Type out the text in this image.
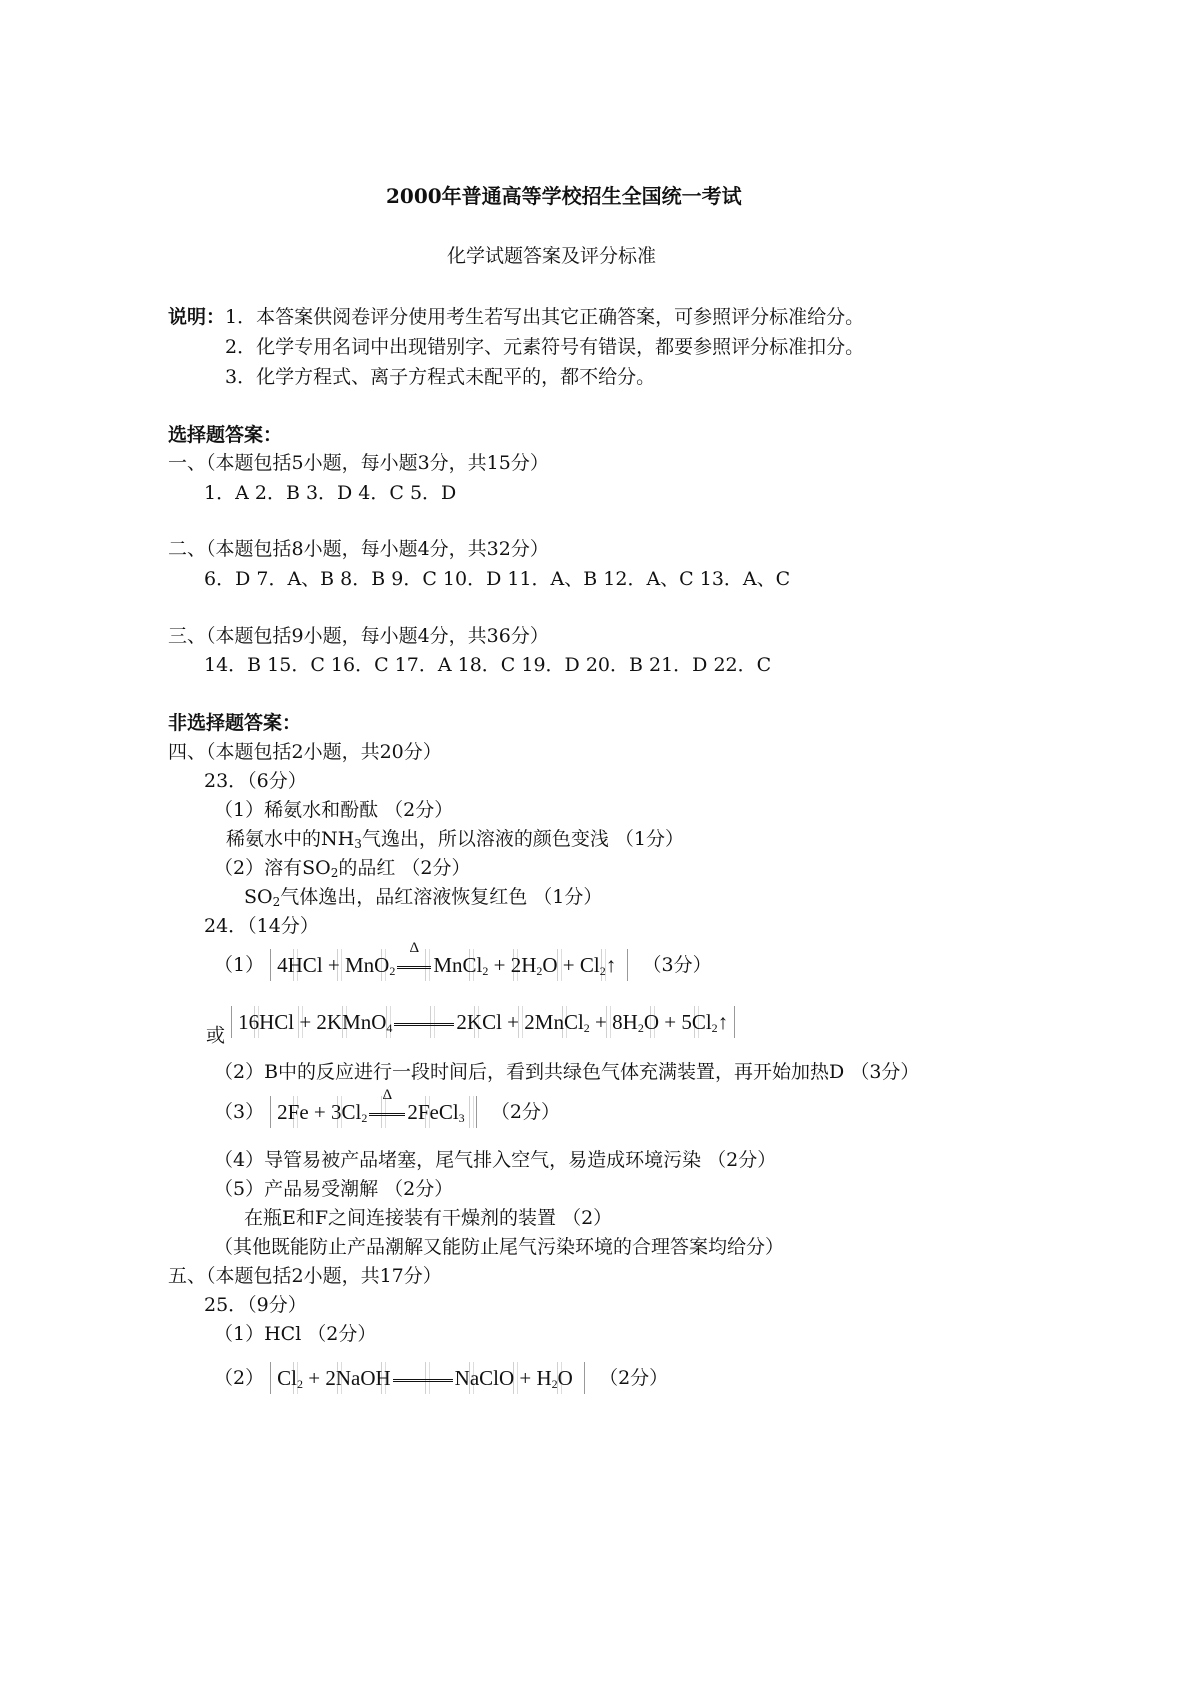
2000年普通高等学校招生全国统一考试
化学试题答案及评分标准
说明：1．本答案供阅卷评分使用考生若写出其它正确答案，可参照评分标准给分。
2．化学专用名词中出现错别字、元素符号有错误，都要参照评分标准扣分。
3．化学方程式、离子方程式未配平的，都不给分。
选择题答案：
一、（本题包括5小题，每小题3分，共15分）
1．A 2．B 3．D 4．C 5．D
二、（本题包括8小题，每小题4分，共32分）
6．D 7．A、B 8．B 9．C 10．D 11．A、B 12．A、C 13．A、C
三、（本题包括9小题，每小题4分，共36分）
14．B 15．C 16．C 17．A 18．C 19．D 20．B 21．D 22．C
非选择题答案：
四、（本题包括2小题，共20分）
23．（6分）
（1）稀氨水和酚酞 （2分）
稀氨水中的$NH_3$气逸出，所以溶液的颜色变浅 （1分）
（2）溶有$SO_2$的品红 （2分）
$SO_2$气体逸出，品红溶液恢复红色 （1分）
24．（14分）
（1） 4HCl + MnO$_2$
Δ
MnCl$_2$ + $2H_2O$ + $Cl_2↑$ （3分）
或 16HCl + 2KMnO$_4$	2KCl + 2MnCl$_2$ + $8H_2O$ + $5Cl_2↑$
（2）B中的反应进行一段时间后，看到共绿色气体充满装置，再开始加热D （3分）
（3） $2Fe + 3Cl_2$
Δ
2FeCl$_3$ （2分）
（4）导管易被产品堵塞，尾气排入空气，易造成环境污染 （2分）
（5）产品易受潮解 （2分）
在瓶E和F之间连接装有干燥剂的装置 （2）
（其他既能防止产品潮解又能防止尾气污染环境的合理答案均给分）
五、（本题包括2小题，共17分）
25．（9分）
（1）HCl （2分）
（2） $Cl_2$ + 2NaOH	NaClO + $H_2O$ （2分）
